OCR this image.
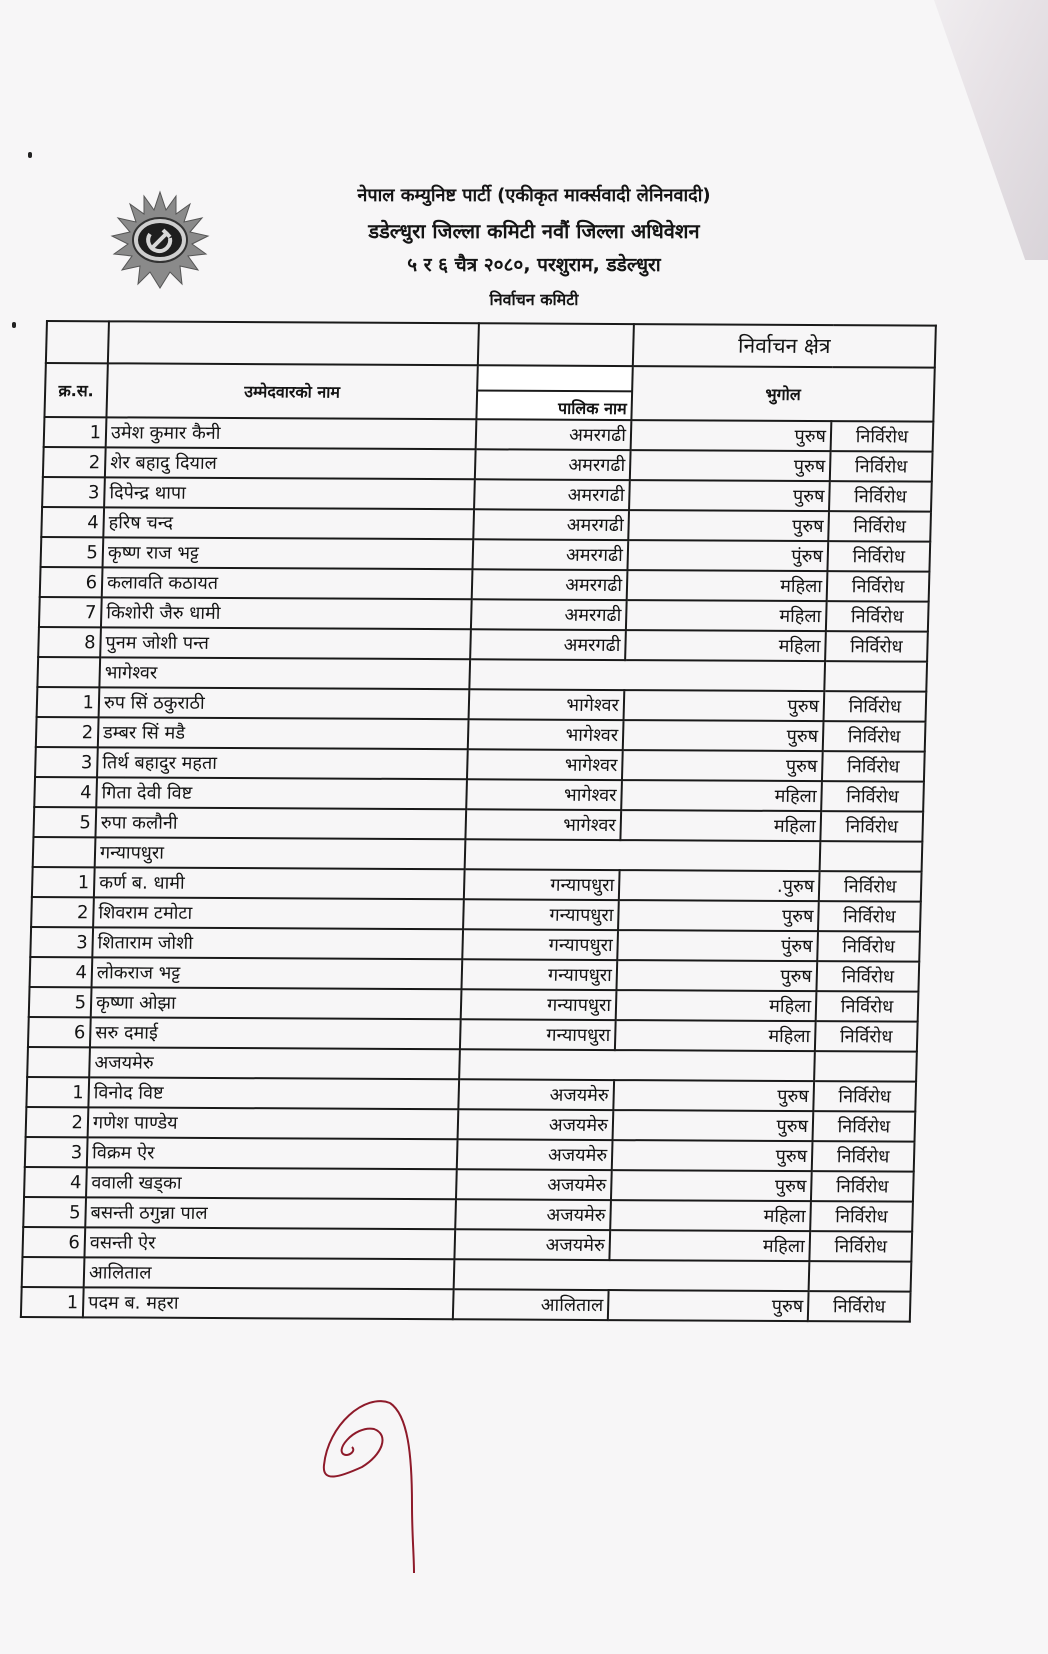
नेपाल कम्युनिष्ट पार्टी (एकीकृत मार्क्सवादी लेनिनवादी)
डडेल्धुरा जिल्ला कमिटी नवौं जिल्ला अधिवेशन
५ र ६ चैत्र २०८०, परशुराम, डडेल्धुरा
निर्वाचन कमिटी
			निर्वाचन क्षेत्र	
क्र.स.	उम्मेदवारको नाम	पालिक नाम	भुगोल	
1	उमेश कुमार कैनी	अमरगढी	पुरुष	निर्विरोध
2	शेर बहादु दियाल	अमरगढी	पुरुष	निर्विरोध
3	दिपेन्द्र थापा	अमरगढी	पुरुष	निर्विरोध
4	हरिष चन्द	अमरगढी	पुरुष	निर्विरोध
5	कृष्ण राज भट्ट	अमरगढी	पुंरुष	निर्विरोध
6	कलावति कठायत	अमरगढी	महिला	निर्विरोध
7	किशोरी जैरु धामी	अमरगढी	महिला	निर्विरोध
8	पुनम जोशी पन्त	अमरगढी	महिला	निर्विरोध
	भागेश्वर			
1	रुप सिं ठकुराठी	भागेश्वर	पुरुष	निर्विरोध
2	डम्बर सिं मडै	भागेश्वर	पुरुष	निर्विरोध
3	तिर्थ बहादुर महता	भागेश्वर	पुरुष	निर्विरोध
4	गिता देवी विष्ट	भागेश्वर	महिला	निर्विरोध
5	रुपा कलौनी	भागेश्वर	महिला	निर्विरोध
	गन्यापधुरा			
1	कर्ण ब. धामी	गन्यापधुरा	.पुरुष	निर्विरोध
2	शिवराम टमोटा	गन्यापधुरा	पुरुष	निर्विरोध
3	शिताराम जोशी	गन्यापधुरा	पुंरुष	निर्विरोध
4	लोकराज भट्ट	गन्यापधुरा	पुरुष	निर्विरोध
5	कृष्णा ओझा	गन्यापधुरा	महिला	निर्विरोध
6	सरु दमाई	गन्यापधुरा	महिला	निर्विरोध
	अजयमेरु			
1	विनोद विष्ट	अजयमेरु	पुरुष	निर्विरोध
2	गणेश पाण्डेय	अजयमेरु	पुरुष	निर्विरोध
3	विक्रम ऐर	अजयमेरु	पुरुष	निर्विरोध
4	ववाली खड्का	अजयमेरु	पुरुष	निर्विरोध
5	बसन्ती ठगुन्ना पाल	अजयमेरु	महिला	निर्विरोध
6	वसन्ती ऐर	अजयमेरु	महिला	निर्विरोध
	आलिताल			
1	पदम ब. महरा	आलिताल	पुरुष	निर्विरोध
